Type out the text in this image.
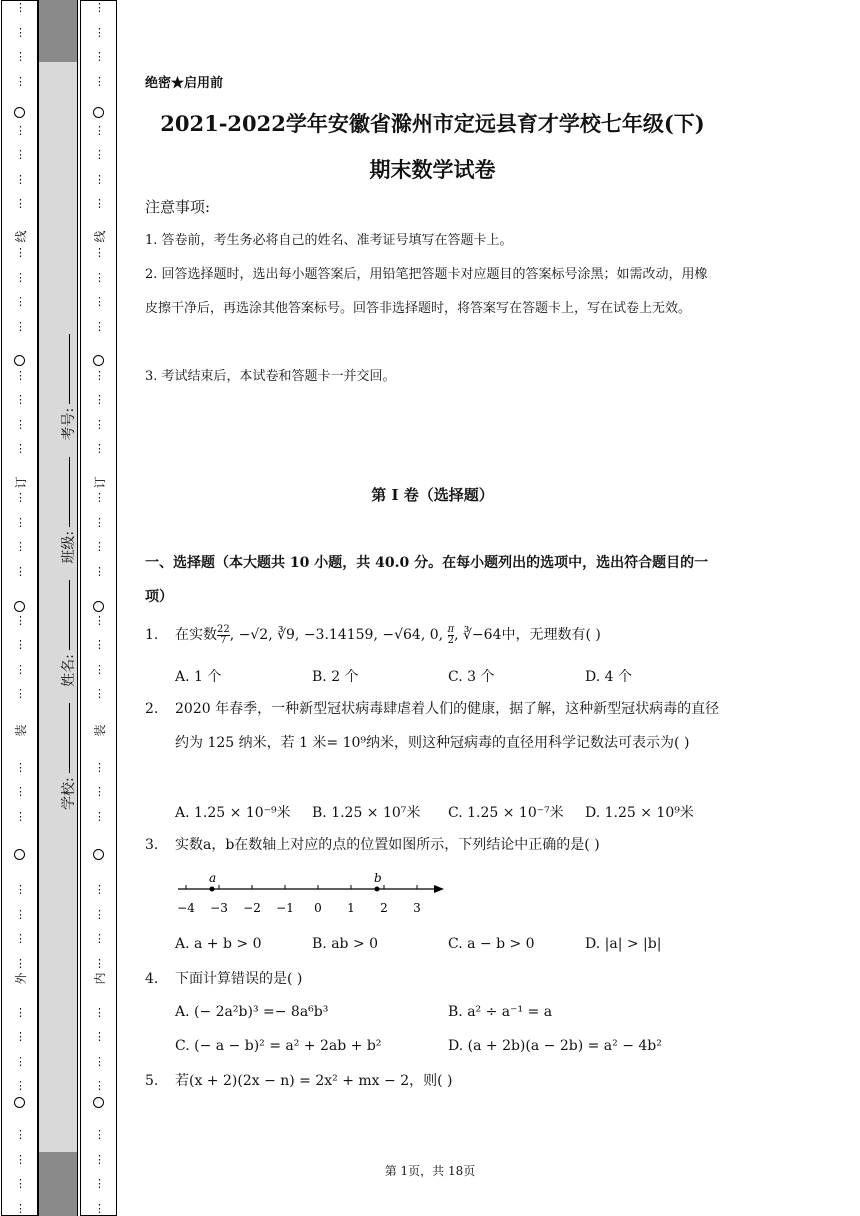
⋮
⋮
⋮
⋮
⋮
⋮
⋮
⋮
⋮
⋮
⋮
⋮
⋮
⋮
⋮
⋮
⋮
⋮
⋮
⋮
⋮
⋮
⋮
⋮
⋮
⋮
⋮
⋮
⋮
⋮
⋮
⋮
⋮
⋮
⋮
⋮
⋮
⋮
⋮
线
订
装
外
⋮
⋮
⋮
⋮
⋮
⋮
⋮
⋮
⋮
⋮
⋮
⋮
⋮
⋮
⋮
⋮
⋮
⋮
⋮
⋮
⋮
⋮
⋮
⋮
⋮
⋮
⋮
⋮
⋮
⋮
⋮
⋮
⋮
⋮
⋮
⋮
⋮
⋮
⋮
线
订
装
内
学校: 姓名: 班级: 考号:
绝密★启用前
2021-2022学年安徽省滁州市定远县育才学校七年级(下)
期末数学试卷
注意事项:
1. 答卷前，考生务必将自己的姓名、准考证号填写在答题卡上。
2. 回答选择题时，选出每小题答案后，用铅笔把答题卡对应题目的答案标号涂黑；如需改动，用橡皮擦干净后，再选涂其他答案标号。回答非选择题时，将答案写在答题卡上，写在试卷上无效。
3. 考试结束后，本试卷和答题卡一并交回。
第 I 卷（选择题）
一、选择题（本大题共 10 小题，共 40.0 分。在每小题列出的选项中，选出符合题目的一项）
1. 在实数 $\frac{22}{7}$ , −√2, ∛9, −3.14159, −√64, 0, $\frac{\pi}{2}$ , ∛−64中，无理数有( )
A. 1 个	B. 2 个	C. 3 个	D. 4 个
2. 2020 年春季，一种新型冠状病毒肆虐着人们的健康，据了解，这种新型冠状病毒的直径约为 125 纳米，若 1 米= 10⁹纳米，则这种冠病毒的直径用科学记数法可表示为( )
A. 1.25 × 10⁻⁹米 B. 1.25 × 10⁷米 C. 1.25 × 10⁻⁷米 D. 1.25 × 10⁹米
3. 实数a，b在数轴上对应的点的位置如图所示，下列结论中正确的是( )
−4 −3 −2 −1 0 1 2 3
a	b
A. a + b > 0	B. ab > 0	C. a − b > 0	D. |a| > |b|
4. 下面计算错误的是( )
A. (− 2a²b)³ =− 8a⁶b³	B. a² ÷ a⁻¹ = a
C. (− a − b)² = a² + 2ab + b²	D. (a + 2b)(a − 2b) = a² − 4b²
5. 若(x + 2)(2x − n) = 2x² + mx − 2，则( )
第 1页，共 18页
